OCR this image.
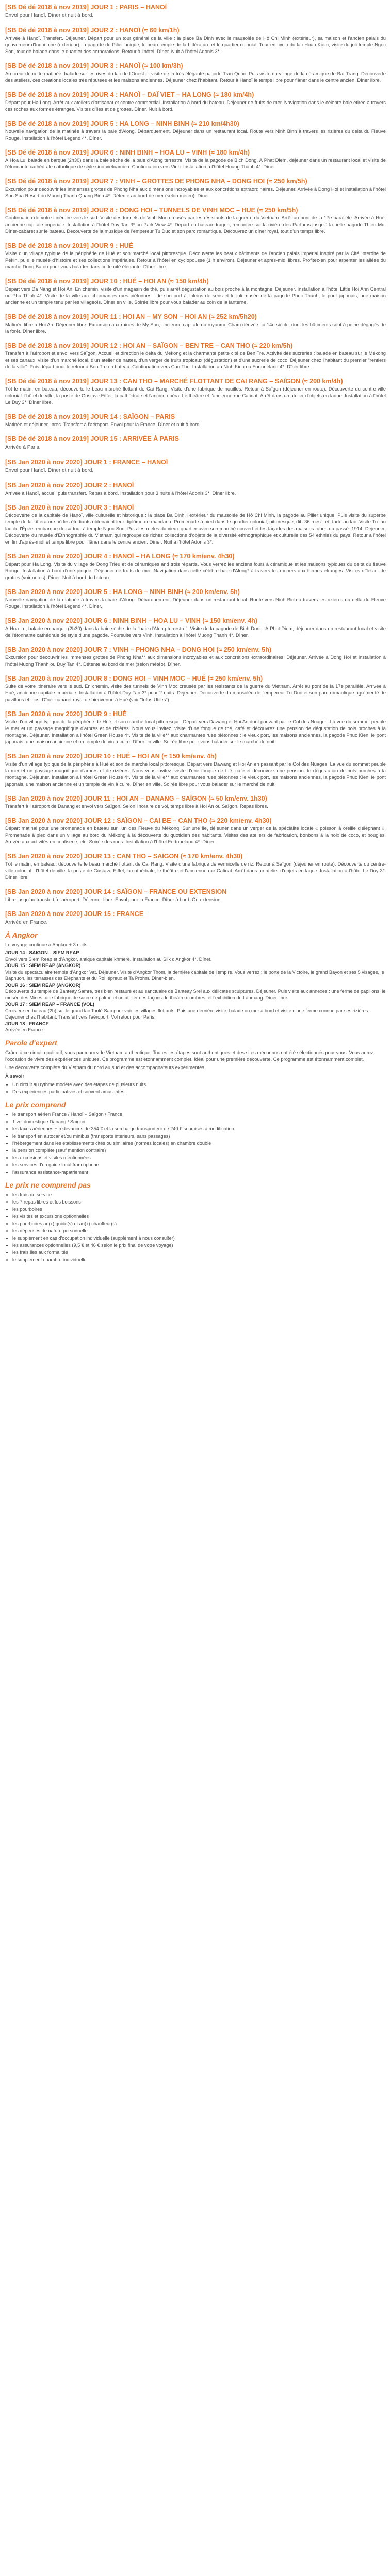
[SB Dé dé 2018 à nov 2019] JOUR 1 : PARIS – HANOÏ
Envol pour Hanoï. Dîner et nuit à bord.
[SB Dé dé 2018 à nov 2019] JOUR 2 : HANOÏ (≈ 60 km/1h)

Arrivée à Hanoï. Transfert. Déjeuner. Départ pour un tour général de la ville : la place Ba Dinh avec le mausolée de Hô Chi Minh (extérieur), sa maison et l'ancien palais du gouverneur d'Indochine (extérieur), la pagode du Pilier unique, le beau temple de la Littérature et le quartier colonial. Tour en cyclo du lac Hoan Kiem, visite du joli temple Ngoc Son, tour de balade dans le quartier des corporations. Retour à l'hôtel. Dîner. Nuit à l'hôtel Adonis 3*.

[SB Dé dé 2018 à nov 2019] JOUR 3 : HANOÏ (≈ 100 km/3h)

Au cœur de cette matinée, balade sur les rives du lac de l'Ouest et visite de la très élégante pagode Tran Quoc. Puis visite du village de la céramique de Bat Trang. Découverte des ateliers, ces créations locales très réputées et les maisons anciennes. Déjeuner chez l'habitant. Retour à Hanoï le temps libre pour flâner dans le centre ancien. Dîner libre.

[SB Dé dé 2018 à nov 2019] JOUR 4 : HANOÏ – DAÏ VIET – HA LONG (≈ 180 km/4h)

Départ pour Ha Long. Arrêt aux ateliers d'artisanat et centre commercial. Installation à bord du bateau. Déjeuner de fruits de mer. Navigation dans le célèbre baie étirée à travers ces roches aux formes étranges. Visites d'îles et de grottes. Dîner. Nuit à bord.

[SB Dé dé 2018 à nov 2019] JOUR 5 : HA LONG – NINH BINH (≈ 210 km/4h30)

Nouvelle navigation de la matinée à travers la baie d'Along. Débarquement. Déjeuner dans un restaurant local. Route vers Ninh Binh à travers les rizières du delta du Fleuve Rouge. Installation à l'hôtel Legend 4*. Dîner.

[SB Dé dé 2018 à nov 2019] JOUR 6 : NINH BINH – HOA LU – VINH (≈ 180 km/4h)

À Hoa Lu, balade en barque (2h30) dans la baie sèche de la baie d'Along terrestre. Visite de la pagode de Bich Dong. À Phat Diem, déjeuner dans un restaurant local et visite de l'étonnante cathédrale catholique de style sino-vietnamien. Continuation vers Vinh. Installation à l'hôtel Hoang Thanh 4*. Dîner.

[SB Dé dé 2018 à nov 2019] JOUR 7 : VINH – GROTTES DE PHONG NHA – DONG HOI (≈ 250 km/5h)

Excursion pour découvrir les immenses grottes de Phong Nha aux dimensions incroyables et aux concrétions extraordinaires. Déjeuner. Arrivée à Dong Hoi et installation à l'hôtel Sun Spa Resort ou Muong Thanh Quang Binh 4*. Détente au bord de mer (selon météo). Dîner.

[SB Dé dé 2018 à nov 2019] JOUR 8 : DONG HOI – TUNNELS DE VINH MOC – HUE (≈ 250 km/5h)

Continuation de votre itinéraire vers le sud. Visite des tunnels de Vinh Moc creusés par les résistants de la guerre du Vietnam. Arrêt au pont de la 17e parallèle. Arrivée à Hué, ancienne capitale impériale. Installation à l'hôtel Duy Tan 3* ou Park View 4*. Départ en bateau-dragon, remontée sur la rivière des Parfums jusqu'à la belle pagode Thien Mu. Dîner-cabaret sur le bateau. Découverte de la musique de l'empereur Tu Duc et son parc romantique. Découvrez un dîner royal, tout d'un temps libre.

[SB Dé dé 2018 à nov 2019] JOUR 9 : HUÉ

Visite d'un village typique de la périphérie de Hué et son marché local pittoresque. Découverte les beaux bâtiments de l'ancien palais impérial inspiré par la Cité Interdite de Pékin, puis le musée d'histoire et ses collections impériales. Retour à l'hôtel en cyclopousse (1 h environ). Déjeuner et après-midi libres. Profitez-en pour arpenter les allées du marché Dong Ba ou pour vous balader dans cette cité élégante. Dîner libre.

[SB Dé dé 2018 à nov 2019] JOUR 10 : HUÉ – HOI AN (≈ 150 km/4h)

Départ vers Da Nang et Hoi An. En chemin, visite d'un magasin de thé, puis arrêt dégustation au bois proche à la montagne. Déjeuner. Installation à l'hôtel Little Hoi Ann Central ou Phu Thinh 4*. Visite de la ville aux charmantes rues piétonnes : de son port à l'pleins de sens et le joli musée de la pagode Phuc Thanh, le pont japonais, une maison ancienne et un temple tenu par les villageois. Dîner en ville. Soirée libre pour vous balader au coin de la lanterne.

[SB Dé dé 2018 à nov 2019] JOUR 11 : HOI AN – MY SON – HOI AN (≈ 252 km/5h20)

Matinée libre à Hoi An. Déjeuner libre. Excursion aux ruines de My Son, ancienne capitale du royaume Cham dérivée au 14e siècle, dont les bâtiments sont à peine dégagés de la forêt. Dîner libre.

[SB Dé dé 2018 à nov 2019] JOUR 12 : HOI AN – SAÏGON – BEN TRE – CAN THO (≈ 220 km/5h)

Transfert à l'aéroport et envol vers Saïgon. Accueil et direction le delta du Mékong et la charmante petite cité de Ben Tre. Activité des sucreries : balade en bateau sur le Mékong et ses canaux, visite d'un marché local, d'un atelier de nattes, d'un verger de fruits tropicaux (dégustation) et d'une sucrerie de coco. Déjeuner chez l'habitant du premier "rentiers de la ville". Puis départ pour le retour à Ben Tre en bateau. Continuation vers Can Tho. Installation au Ninh Kieu ou Fortuneland 4*. Dîner libre.

[SB Dé dé 2018 à nov 2019] JOUR 13 : CAN THO – MARCHÉ FLOTTANT DE CAI RANG – SAÏGON (≈ 200 km/4h)

Tôt le matin, en bateau, découverte le beau marché flottant de Cai Rang. Visite d'une fabrique de nouilles. Retour à Saïgon (déjeuner en route). Découverte du centre-ville colonial: l'hôtel de ville, la poste de Gustave Eiffel, la cathédrale et l'ancien opéra. Le théâtre et l'ancienne rue Catinat. Arrêt dans un atelier d'objets en laque. Installation à l'hôtel Le Duy 3*. Dîner libre.

[SB Dé dé 2018 à nov 2019] JOUR 14 : SAÏGON – PARIS

Matinée et déjeuner libres. Transfert à l'aéroport. Envol pour la France. Dîner et nuit à bord.

[SB Dé dé 2018 à nov 2019] JOUR 15 : ARRIVÉE À PARIS
Arrivée à Paris.
[SB Jan 2020 à nov 2020] JOUR 1 : FRANCE – HANOÏ
Envol pour Hanoï. Dîner et nuit à bord.
[SB Jan 2020 à nov 2020] JOUR 2 : HANOÏ

Arrivée à Hanoï, accueil puis transfert. Repas à bord. Installation pour 3 nuits à l'hôtel Adonis 3*. Dîner libre.

[SB Jan 2020 à nov 2020] JOUR 3 : HANOÏ

Découverte de la capitale de Hanoï, ville culturelle et historique : la place Ba Dinh, l'extérieur du mausolée de Hô Chi Minh, la pagode au Pilier unique. Puis visite du superbe temple de la Littérature où les étudiants obtenaient leur diplôme de mandarin. Promenade à pied dans le quartier colonial, pittoresque, dit "36 rues", et, tarte au lac. Visite Tu. au lac de l'Épée, embarque de sa tour à temple Ngoc Son. Puis les rueles du vieux quartier avec son marché couvert et les façades des maisons tubes du passé. 1914. Déjeuner. Découverte du musée d'Ethnographie du Vietnam qui regroupe de riches collections d'objets de la diversité ethnographique et culturelle des 54 ethnies du pays. Retour à l'hôtel en fin d'après-midi et temps libre pour flâner dans le centre ancien. Dîner. Nuit à l'hôtel Adonis 3*.

[SB Jan 2020 à nov 2020] JOUR 4 : HANOÏ – HA LONG (≈ 170 km/env. 4h30)

Départ pour Ha Long. Visite du village de Dong Trieu et de céramiques and trois répartis. Vous verrez les anciens fours à céramique et les maisons typiques du delta du fleuve Rouge. Installation à bord d'une jonque. Déjeuner de fruits de mer. Navigation dans cette célèbre baie d'Along* à travers les rochers aux formes étranges. Visites d'îles et de grottes (voir notes). Dîner. Nuit à bord du bateau.

[SB Jan 2020 à nov 2020] JOUR 5 : HA LONG – NINH BINH (≈ 200 km/env. 5h)

Nouvelle navigation de la matinée à travers la baie d'Along. Débarquement. Déjeuner dans un restaurant local. Route vers Ninh Binh à travers les rizières du delta du Fleuve Rouge. Installation à l'hôtel Legend 4*. Dîner.

[SB Jan 2020 à nov 2020] JOUR 6 : NINH BINH – HOA LU – VINH (≈ 150 km/env. 4h)

À Hoa Lu, balade en barque (2h30) dans la baie sèche de la "baie d'Along terrestre". Visite de la pagode de Bich Dong. À Phat Diem, déjeuner dans un restaurant local et visite de l'étonnante cathédrale de style d'une pagode. Poursuite vers Vinh. Installation à l'hôtel Muong Thanh 4*. Dîner.

[SB Jan 2020 à nov 2020] JOUR 7 : VINH – PHONG NHA – DONG HOI (≈ 250 km/env. 5h)

Excursion pour découvrir les immenses grottes de Phong Nha** aux dimensions incroyables et aux concrétions extraordinaires. Déjeuner. Arrivée à Dong Hoi et installation à l'hôtel Muong Thanh ou Duy Tan 4*. Détente au bord de mer (selon météo). Dîner.

[SB Jan 2020 à nov 2020] JOUR 8 : DONG HOI – VINH MOC – HUÉ (≈ 250 km/env. 5h)

Suite de votre itinéraire vers le sud. En chemin, visite des tunnels de Vinh Moc creusés par les résistants de la guerre du Vietnam. Arrêt au pont de la 17e parallèle. Arrivée à Hué, ancienne capitale impériale. Installation à l'hôtel Duy Tan 3* pour 2 nuits. Déjeuner. Découverte du mausolée de l'empereur Tu Duc et son parc romantique agrémenté de pavillons et lacs. Dîner-cabaret royal de bienvenue à Hué (voir "Infos Utiles").

[SB Jan 2020 à nov 2020] JOUR 9 : HUÉ

Visite d'un village typique de la périphérie de Hué et son marché local pittoresque. Départ vers Dawang et Hoi An dont pouvant par le Col des Nuages. La vue du sommet peuple le mer et un paysage magnifique d'arbres et de rizières. Nous vous invitez, visite d'une fonque de thé, café et découvrez une pension de dégustation de bols proches à la montagne. Déjeuner. Installation à l'hôtel Green House 4*. Visite de la ville** aux charmantes rues piétonnes : le vieux port, les maisons anciennes, la pagode Phuc Kien, le pont japonais, une maison ancienne et un temple de vin à cuire. Dîner en ville. Soirée libre pour vous balader sur le marché de nuit.

[SB Jan 2020 à nov 2020] JOUR 10 : HUÉ – HOI AN (≈ 150 km/env. 4h)

Visite d'un village typique de la périphérie à Hué et son de marché local pittoresque. Départ vers Dawang et Hoi An en passant par le Col des Nuages. La vue du sommet peuple la mer et un paysage magnifique d'arbres et de rizières. Nous vous invitez, visite d'une fonque de thé, café et découvrez une pension de dégustation de bols proches à la montagne. Déjeuner. Installation à l'hôtel Green House 4*. Visite de la ville** aux charmantes rues piétonnes : le vieux port, les maisons anciennes, la pagode Phuc Kien, le pont japonais, une maison ancienne et un temple de vin à cuire. Dîner en ville. Soirée libre pour vous balader sur le marché de nuit.

[SB Jan 2020 à nov 2020] JOUR 11 : HOI AN – DANANG – SAÏGON (≈ 50 km/env. 1h30)

Transfert à l'aéroport de Danang et envol vers Saïgon. Selon l'horaire de vol, temps libre à Hoi An ou Saïgon. Repas libres.

[SB Jan 2020 à nov 2020] JOUR 12 : SAÏGON – CAI BE – CAN THO (≈ 220 km/env. 4h30)

Départ matinal pour une promenade en bateau sur l'un des Fleuve du Mékong. Sur une île, déjeuner dans un verger de la spécialité locale « poisson à oreille d'éléphant ». Promenade à pied dans un village au bord du Mékong à la découverte du quotidien des habitants. Visites des ateliers de fabrication, bonbons à la noix de coco, et bougies. Arrivée aux activités en confiserie, etc. Soirée des rues. Installation à l'hôtel Fortuneland 4*. Dîner.

[SB Jan 2020 à nov 2020] JOUR 13 : CAN THO – SAÏGON (≈ 170 km/env. 4h30)

Tôt le matin, en bateau, découverte le beau marché flottant de Cai Rang. Visite d'une fabrique de vermicelle de riz. Retour à Saïgon (déjeuner en route). Découverte du centre-ville colonial : l'hôtel de ville, la poste de Gustave Eiffel, la cathédrale, le théâtre et l'ancienne rue Catinat. Arrêt dans un atelier d'objets en laque. Installation à l'hôtel Le Duy 3*. Dîner libre.

[SB Jan 2020 à nov 2020] JOUR 14 : SAÏGON – FRANCE OU EXTENSION

Libre jusqu'au transfert à l'aéroport. Déjeuner libre. Envol pour la France. Dîner à bord. Ou extension.

[SB Jan 2020 à nov 2020] JOUR 15 : FRANCE
Arrivée en France.
À Angkor
Le voyage continue à Angkor + 3 nuits

JOUR 14 : SAÏGON – SIEM REAP
Envol vers Siem Reap et d'Angkor, antique capitale khmère. Installation au Silk d'Angkor 4*. Dîner.

JOUR 15 : SIEM REAP (ANGKOR)
Visite du spectaculaire temple d'Angkor Vat. Déjeuner. Visite d'Angkor Thom, la dernière capitale de l'empire. Vous verrez : le porte de la Victoire, le grand Bayon et ses 5 visages, le Baphuon, les terrasses des Éléphants et du Roi lépreux et Ta Prohm. Dîner-bien.

JOUR 16 : SIEM REAP (ANGKOR)
Découverte du temple de Banteay Samré, très bien restauré et au sanctuaire de Banteay Srei aux délicates sculptures. Déjeuner. Puis visite aux annexes : une ferme de papillons, le musée des Mines, une fabrique de sucre de palme et un atelier des façons du théâtre d'ombres, et l'exhibition de Lanmang. Dîner libre.

JOUR 17 : SIEM REAP – FRANCE (VOL)
Croisière en bateau (2h) sur le grand lac Tonlé Sap pour voir les villages flottants. Puis une dernière visite, balade ou mer à bord et visite d'une ferme connue par ses rizières. Déjeuner chez l'habitant. Transfert vers l'aéroport. Vol retour pour Paris.

JOUR 18 : FRANCE
Arrivée en France.

Parole d'expert
Grâce à ce circuit qualitatif, vous parcourrez le Vietnam authentique. Toutes les étapes sont authentiques et des sites méconnus ont été sélectionnés pour vous. Vous aurez l'occasion de vivre des expériences uniques. Ce programme est étonnamment complet. Idéal pour une première découverte. Ce programme est étonnamment complet.
Une découverte complète du Vietnam du nord au sud et des accompagnateurs expérimentés.
À savoir
• Un circuit au rythme modéré avec des étapes de plusieurs nuits.
• Des expériences participatives et souvent amusantes.
Le prix comprend
• le transport aérien France / Hanoï – Saïgon / France
• 1 vol domestique Danang / Saïgon
• les taxes aériennes + redevances de 354 € et la surcharge transporteur de 240 € soumises à modification
• le transport en autocar et/ou minibus (transports intérieurs, sans passages)
• l'hébergement dans les établissements cités ou similaires (normes locales) en chambre double
• la pension complète (sauf mention contraire)
• les excursions et visites mentionnées
• les services d'un guide local francophone
• l'assurance assistance-rapatriement
Le prix ne comprend pas
• les frais de service
• les 7 repas libres et les boissons
• les pourboires
• les visites et excursions optionnelles
• les pourboires au(x) guide(s) et au(x) chauffeur(s)
• les dépenses de nature personnelle
• le supplément en cas d'occupation individuelle (supplément à nous consulter)
• les assurances optionnelles (9,5 € et 46 € selon le prix final de votre voyage)
• les frais liés aux formalités
• le supplément chambre individuelle
